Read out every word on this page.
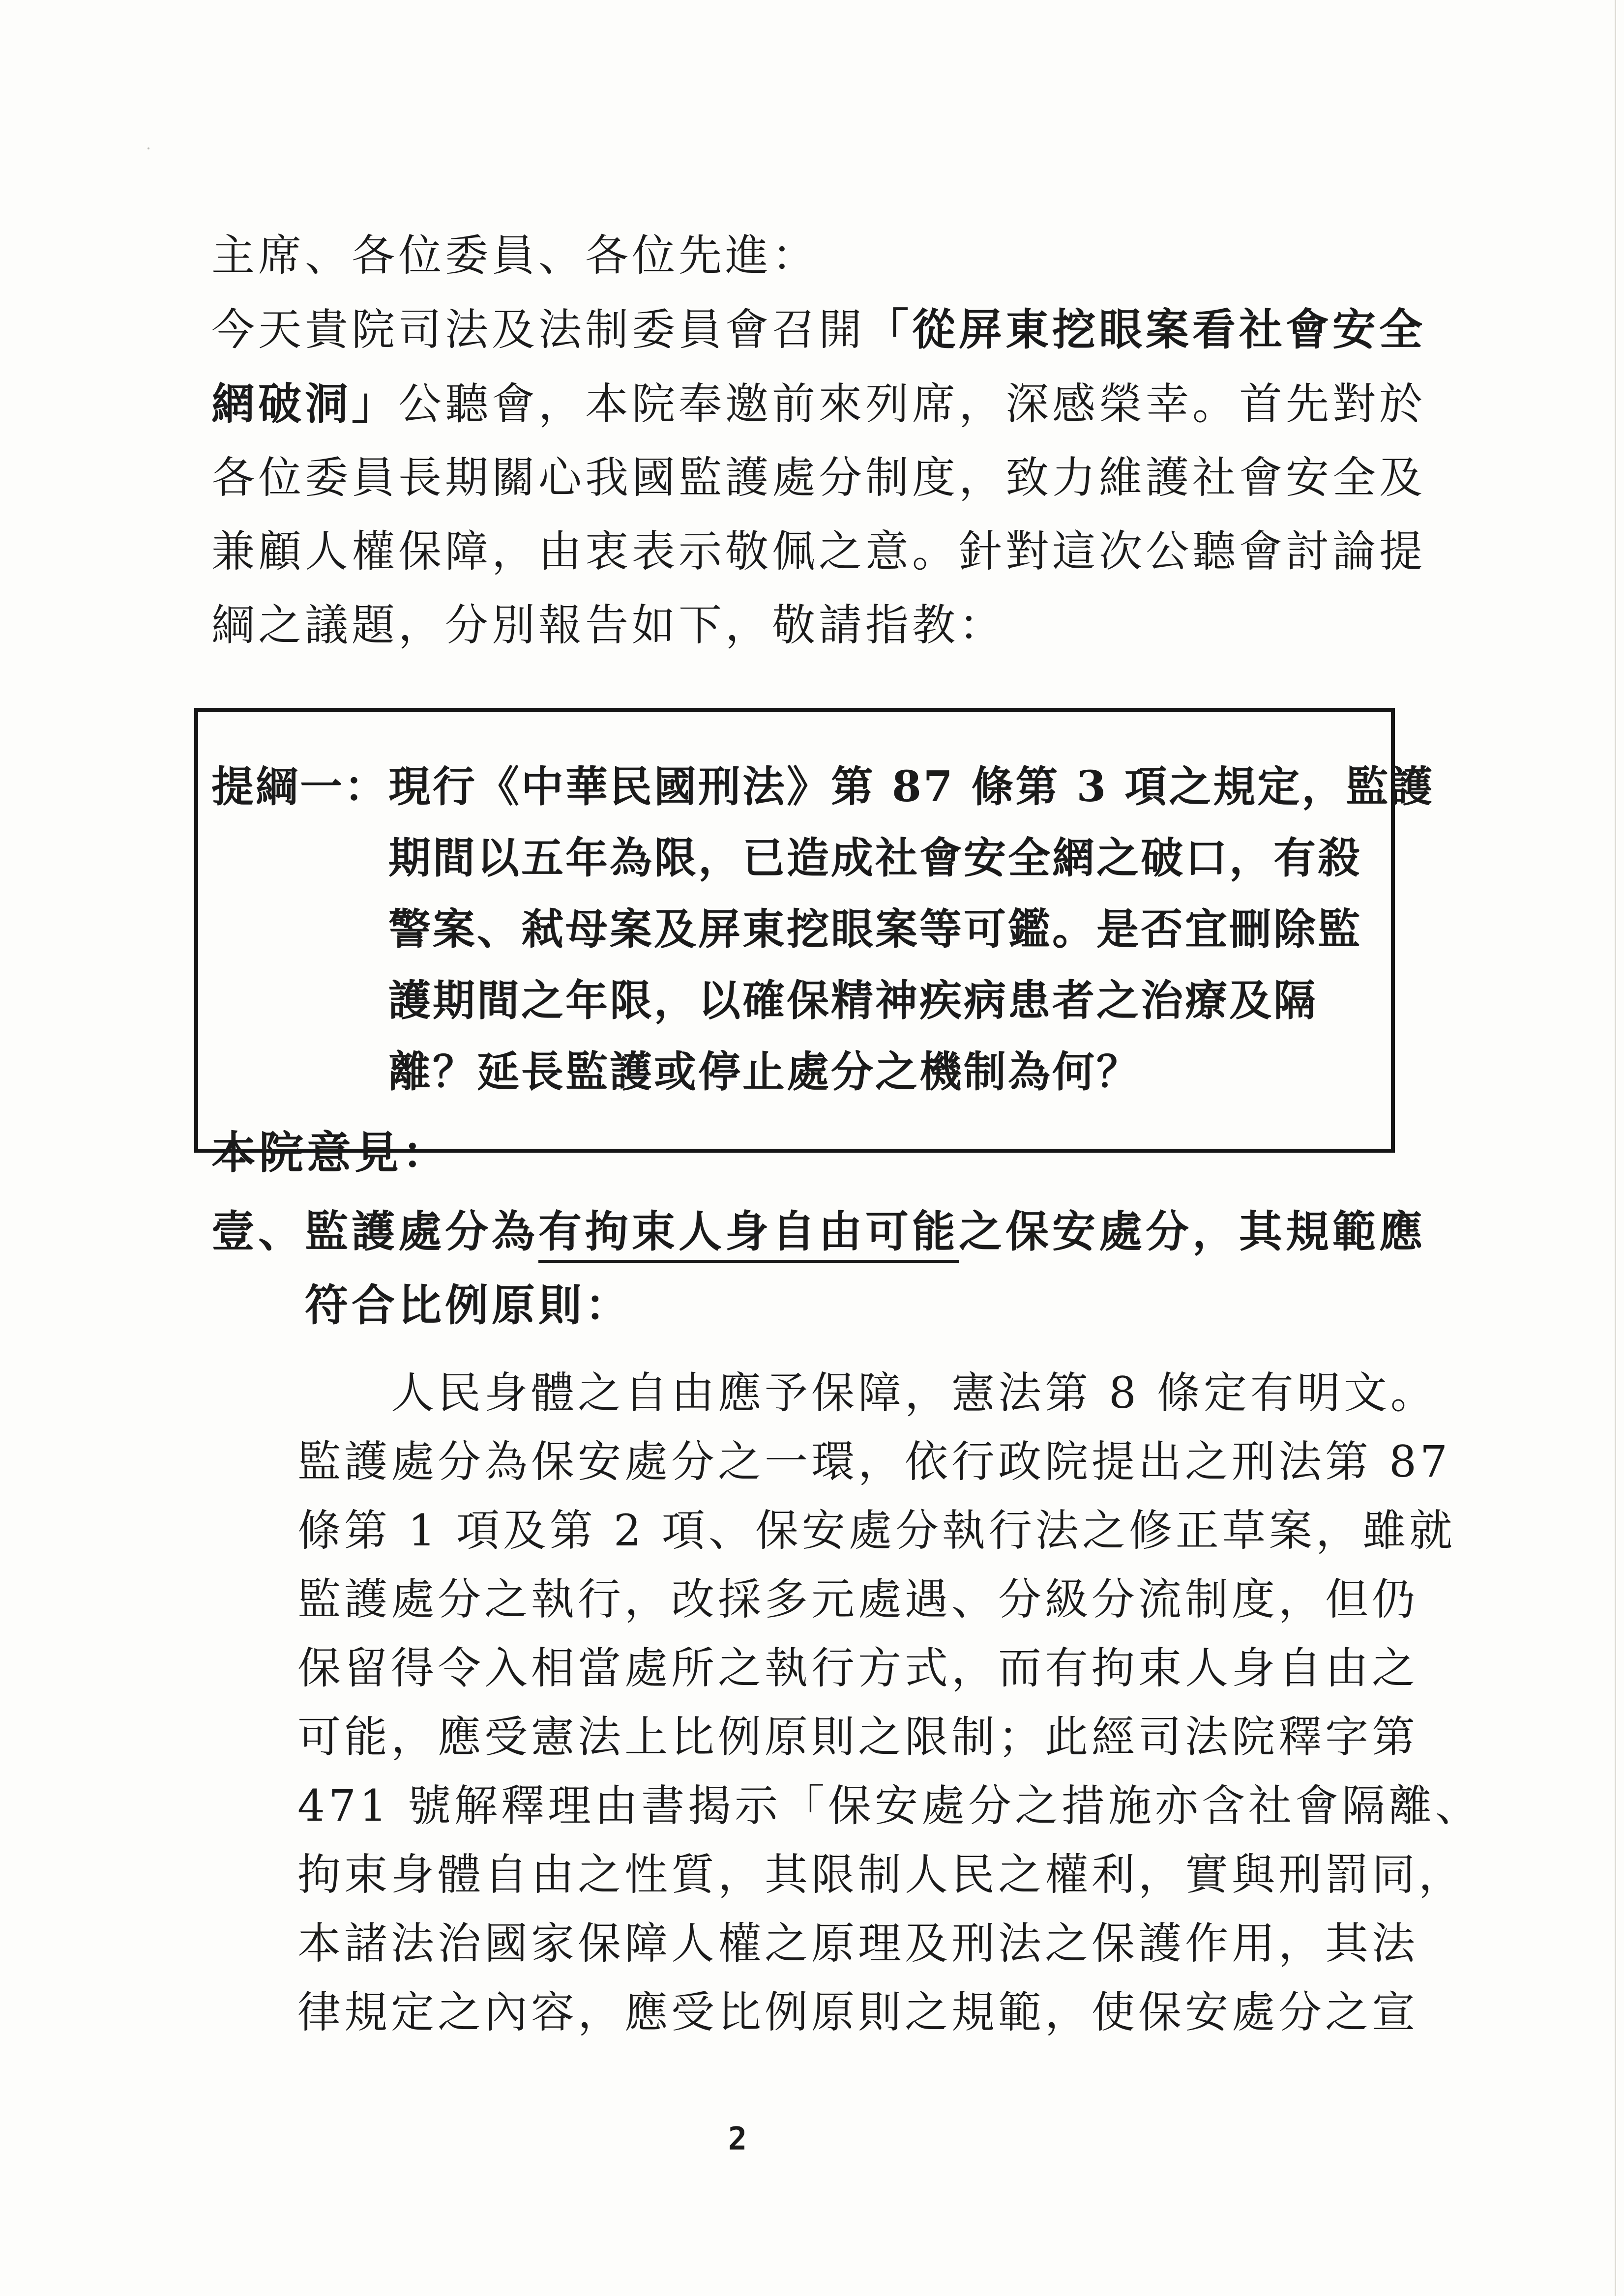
主席、各位委員、各位先進：
今天貴院司法及法制委員會召開「從屏東挖眼案看社會安全
網破洞」公聽會，本院奉邀前來列席，深感榮幸。首先對於
各位委員長期關心我國監護處分制度，致力維護社會安全及
兼顧人權保障，由衷表示敬佩之意。針對這次公聽會討論提
綱之議題，分別報告如下，敬請指教：
提綱一：現行《中華民國刑法》第 87 條第 3 項之規定，監護
期間以五年為限，已造成社會安全網之破口，有殺
警案、弒母案及屏東挖眼案等可鑑。是否宜刪除監
護期間之年限，以確保精神疾病患者之治療及隔
離？延長監護或停止處分之機制為何？
本院意見：
壹、監護處分為有拘束人身自由可能之保安處分，其規範應
符合比例原則：
人民身體之自由應予保障，憲法第 8 條定有明文。
監護處分為保安處分之一環，依行政院提出之刑法第 87
條第 1 項及第 2 項、保安處分執行法之修正草案，雖就
監護處分之執行，改採多元處遇、分級分流制度，但仍
保留得令入相當處所之執行方式，而有拘束人身自由之
可能，應受憲法上比例原則之限制；此經司法院釋字第
471 號解釋理由書揭示「保安處分之措施亦含社會隔離、
拘束身體自由之性質，其限制人民之權利，實與刑罰同，
本諸法治國家保障人權之原理及刑法之保護作用，其法
律規定之內容，應受比例原則之規範，使保安處分之宣
2
